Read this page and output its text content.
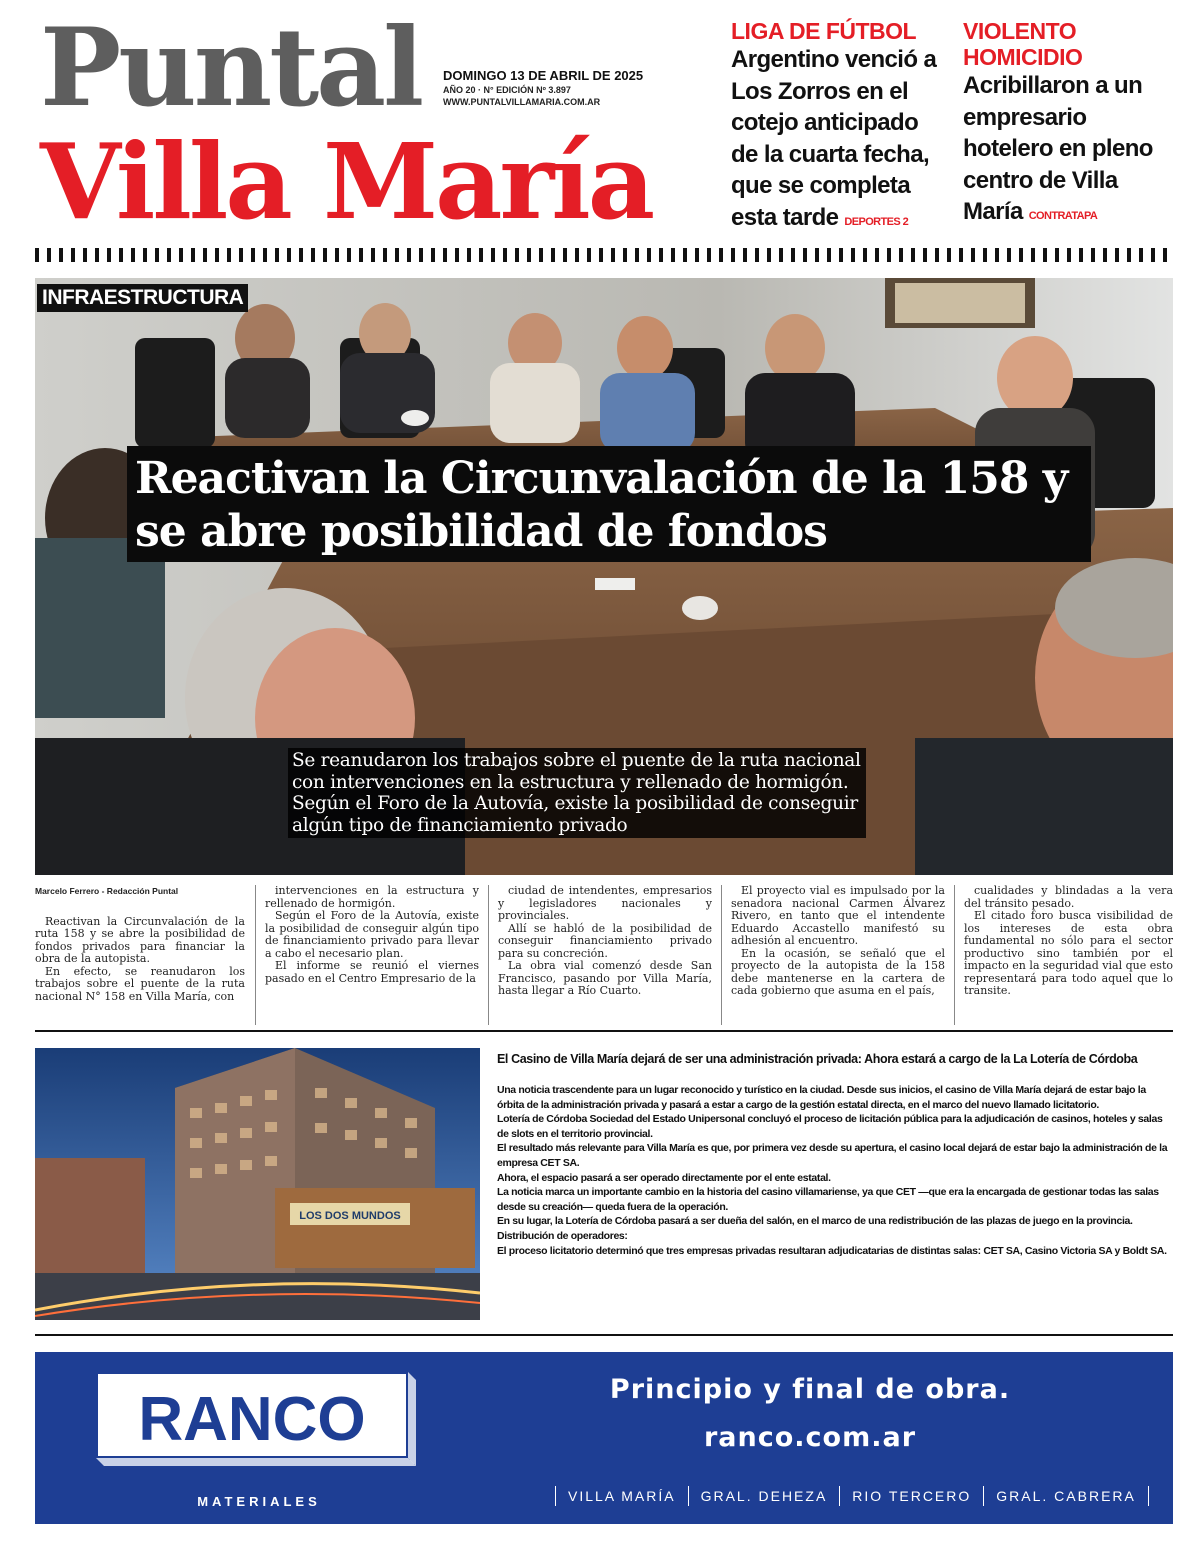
Puntal
Villa María
DOMINGO 13 DE ABRIL DE 2025
AÑO 20 · N° EDICIÓN Nº 3.897
WWW.PUNTALVILLAMARIA.COM.AR
LIGA DE FÚTBOL
Argentino venció a Los Zorros en el cotejo anticipado de la cuarta fecha, que se completa esta tarde DEPORTES 2
VIOLENTO HOMICIDIO
Acribillaron a un empresario hotelero en pleno centro de Villa María CONTRATAPA
INFRAESTRUCTURA
Reactivan la Circunvalación de la 158 y se abre posibilidad de fondos
Se reanudaron los trabajos sobre el puente de la ruta nacional con intervenciones en la estructura y rellenado de hormigón. Según el Foro de la Autovía, existe la posibilidad de conseguir algún tipo de financiamiento privado
Marcelo Ferrero - Redacción Puntal

Reactivan la Circunvalación de la ruta 158 y se abre la posibilidad de fondos privados para financiar la obra de la autopista.

En efecto, se reanudaron los trabajos sobre el puente de la ruta nacional N° 158 en Villa María, con

intervenciones en la estructura y rellenado de hormigón.

Según el Foro de la Autovía, existe la posibilidad de conseguir algún tipo de financiamiento privado para llevar a cabo el necesario plan.

El informe se reunió el viernes pasado en el Centro Empresario de la

ciudad de intendentes, empresarios y legisladores nacionales y provinciales.

Allí se habló de la posibilidad de conseguir financiamiento privado para su concreción.

La obra vial comenzó desde San Francisco, pasando por Villa María, hasta llegar a Río Cuarto.

El proyecto vial es impulsado por la senadora nacional Carmen Álvarez Rivero, en tanto que el intendente Eduardo Accastello manifestó su adhesión al encuentro.

En la ocasión, se señaló que el proyecto de la autopista de la 158 debe mantenerse en la cartera de cada gobierno que asuma en el país,

cualidades y blindadas a la vera del tránsito pesado.

El citado foro busca visibilidad de los intereses de esta obra fundamental no sólo para el sector productivo sino también por el impacto en la seguridad vial que esto representará para todo aquel que lo transite.

LOS DOS MUNDOS
El Casino de Villa María dejará de ser una administración privada: Ahora estará a cargo de la La Lotería de Córdoba

Una noticia trascendente para un lugar reconocido y turístico en la ciudad. Desde sus inicios, el casino de Villa María dejará de estar bajo la órbita de la administración privada y pasará a estar a cargo de la gestión estatal directa, en el marco del nuevo llamado licitatorio.

Lotería de Córdoba Sociedad del Estado Unipersonal concluyó el proceso de licitación pública para la adjudicación de casinos, hoteles y salas de slots en el territorio provincial.

El resultado más relevante para Villa María es que, por primera vez desde su apertura, el casino local dejará de estar bajo la administración de la empresa CET SA.

Ahora, el espacio pasará a ser operado directamente por el ente estatal.

La noticia marca un importante cambio en la historia del casino villamariense, ya que CET —que era la encargada de gestionar todas las salas desde su creación— queda fuera de la operación.

En su lugar, la Lotería de Córdoba pasará a ser dueña del salón, en el marco de una redistribución de las plazas de juego en la provincia.

Distribución de operadores:

El proceso licitatorio determinó que tres empresas privadas resultaran adjudicatarias de distintas salas: CET SA, Casino Victoria SA y Boldt SA.

RANCO
MATERIALES
Principio y final de obra.
ranco.com.ar
VILLA MARÍA	GRAL. DEHEZA	RIO TERCERO	GRAL. CABRERA
